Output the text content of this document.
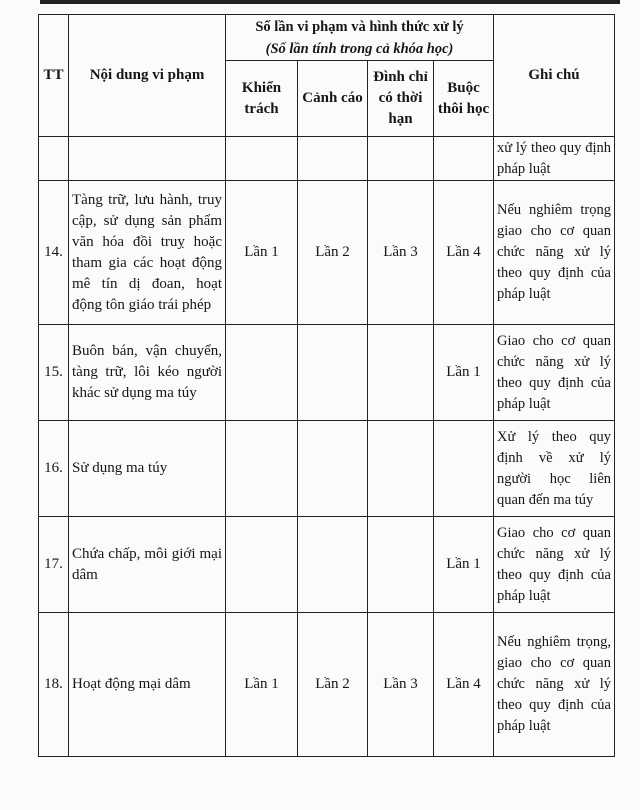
TT	Nội dung vi phạm	Số lần vi phạm và hình thức xử lý
(Số lần tính trong cả khóa học)				Ghi chú
		Khiển trách	Cảnh cáo	Đình chỉ có thời hạn	Buộc thôi học	
						xử lý theo quy định pháp luật
14.	Tàng trữ, lưu hành, truy cập, sử dụng sản phẩm văn hóa đồi truỵ hoặc tham gia các hoạt động mê tín dị đoan, hoạt động tôn giáo trái phép	Lần 1	Lần 2	Lần 3	Lần 4	Nếu nghiêm trọng giao cho cơ quan chức năng xử lý theo quy định của pháp luật
15.	Buôn bán, vận chuyển, tàng trữ, lôi kéo người khác sử dụng ma túy				Lần 1	Giao cho cơ quan chức năng xử lý theo quy định của pháp luật
16.	Sử dụng ma túy					Xử lý theo quy định về xử lý người học liên quan đến ma túy
17.	Chứa chấp, môi giới mại dâm				Lần 1	Giao cho cơ quan chức năng xử lý theo quy định của pháp luật
18.	Hoạt động mại dâm	Lần 1	Lần 2	Lần 3	Lần 4	Nếu nghiêm trọng, giao cho cơ quan chức năng xử lý theo quy định của pháp luật
